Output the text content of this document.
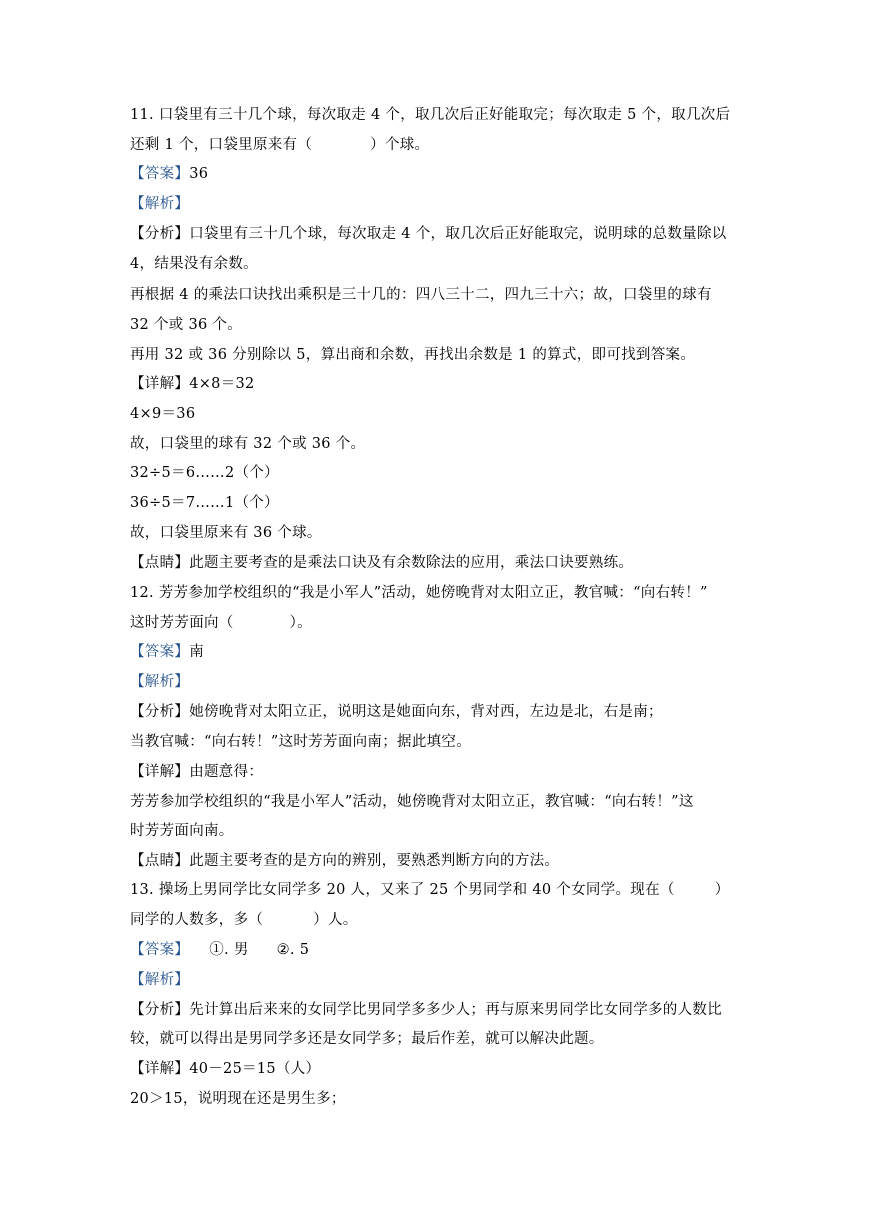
11. 口袋里有三十几个球，每次取走 4 个，取几次后正好能取完；每次取走 5 个，取几次后
还剩 1 个，口袋里原来有（	）个球。
【答案】36
【解析】
【分析】口袋里有三十几个球，每次取走 4 个，取几次后正好能取完，说明球的总数量除以
4，结果没有余数。
再根据 4 的乘法口诀找出乘积是三十几的：四八三十二，四九三十六；故，口袋里的球有
32 个或 36 个。
再用 32 或 36 分别除以 5，算出商和余数，再找出余数是 1 的算式，即可找到答案。
【详解】4×8＝32
4×9＝36
故，口袋里的球有 32 个或 36 个。
32÷5＝6……2（个）
36÷5＝7……1（个）
故，口袋里原来有 36 个球。
【点睛】此题主要考查的是乘法口诀及有余数除法的应用，乘法口诀要熟练。
12. 芳芳参加学校组织的“我是小军人”活动，她傍晚背对太阳立正，教官喊：“向右转！”
这时芳芳面向（	）。
【答案】南
【解析】
【分析】她傍晚背对太阳立正，说明这是她面向东，背对西，左边是北，右是南；
当教官喊：“向右转！”这时芳芳面向南；据此填空。
【详解】由题意得：
芳芳参加学校组织的“我是小军人”活动，她傍晚背对太阳立正，教官喊：“向右转！”这
时芳芳面向南。
【点睛】此题主要考查的是方向的辨别，要熟悉判断方向的方法。
13. 操场上男同学比女同学多 20 人，又来了 25 个男同学和 40 个女同学。现在（	）
同学的人数多，多（	）人。
【答案】 ①. 男 ②. 5
【解析】
【分析】先计算出后来来的女同学比男同学多多少人；再与原来男同学比女同学多的人数比
较，就可以得出是男同学多还是女同学多；最后作差，就可以解决此题。
【详解】40－25＝15（人）
20＞15，说明现在还是男生多；
